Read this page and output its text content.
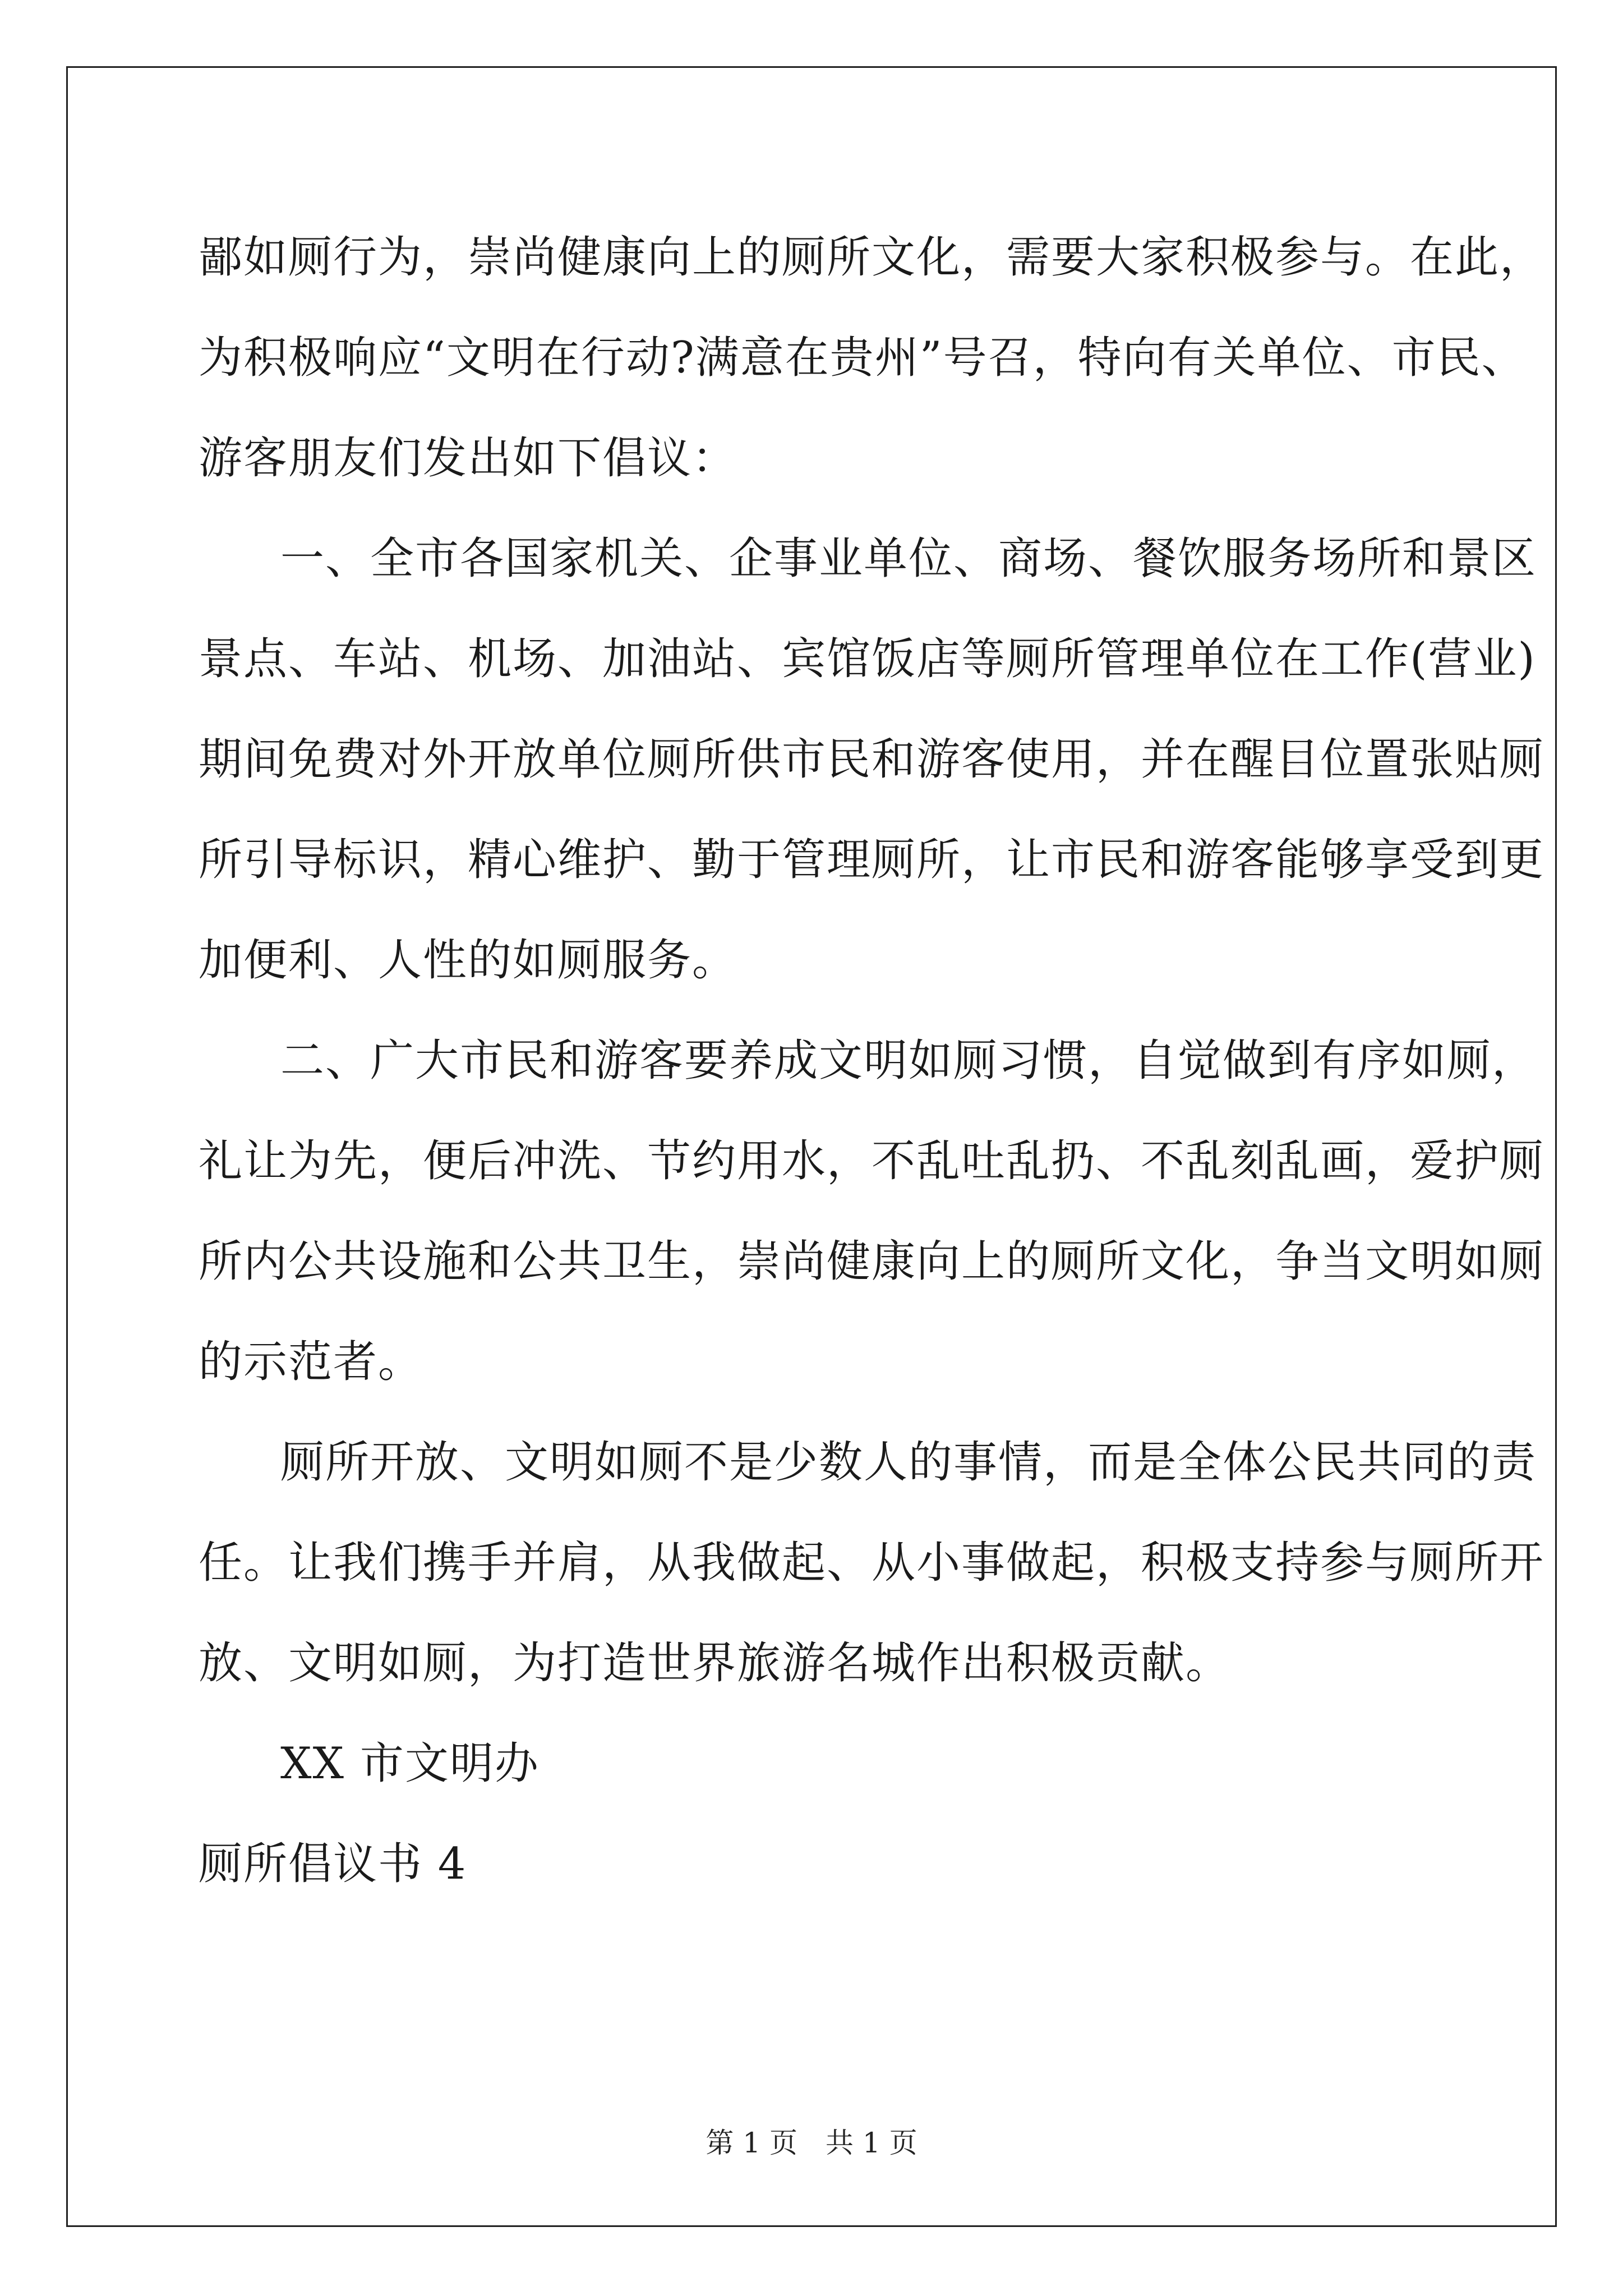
鄙如厕行为，崇尚健康向上的厕所文化，需要大家积极参与。在此，
为积极响应“文明在行动?满意在贵州”号召，特向有关单位、市民、
游客朋友们发出如下倡议：
一、全市各国家机关、企事业单位、商场、餐饮服务场所和景区
景点、车站、机场、加油站、宾馆饭店等厕所管理单位在工作(营业)
期间免费对外开放单位厕所供市民和游客使用，并在醒目位置张贴厕
所引导标识，精心维护、勤于管理厕所，让市民和游客能够享受到更
加便利、人性的如厕服务。
二、广大市民和游客要养成文明如厕习惯，自觉做到有序如厕，
礼让为先，便后冲洗、节约用水，不乱吐乱扔、不乱刻乱画，爱护厕
所内公共设施和公共卫生，崇尚健康向上的厕所文化，争当文明如厕
的示范者。
厕所开放、文明如厕不是少数人的事情，而是全体公民共同的责
任。让我们携手并肩，从我做起、从小事做起，积极支持参与厕所开
放、文明如厕，为打造世界旅游名城作出积极贡献。
XX 市文明办
厕所倡议书 4
第 1 页　共 1 页
